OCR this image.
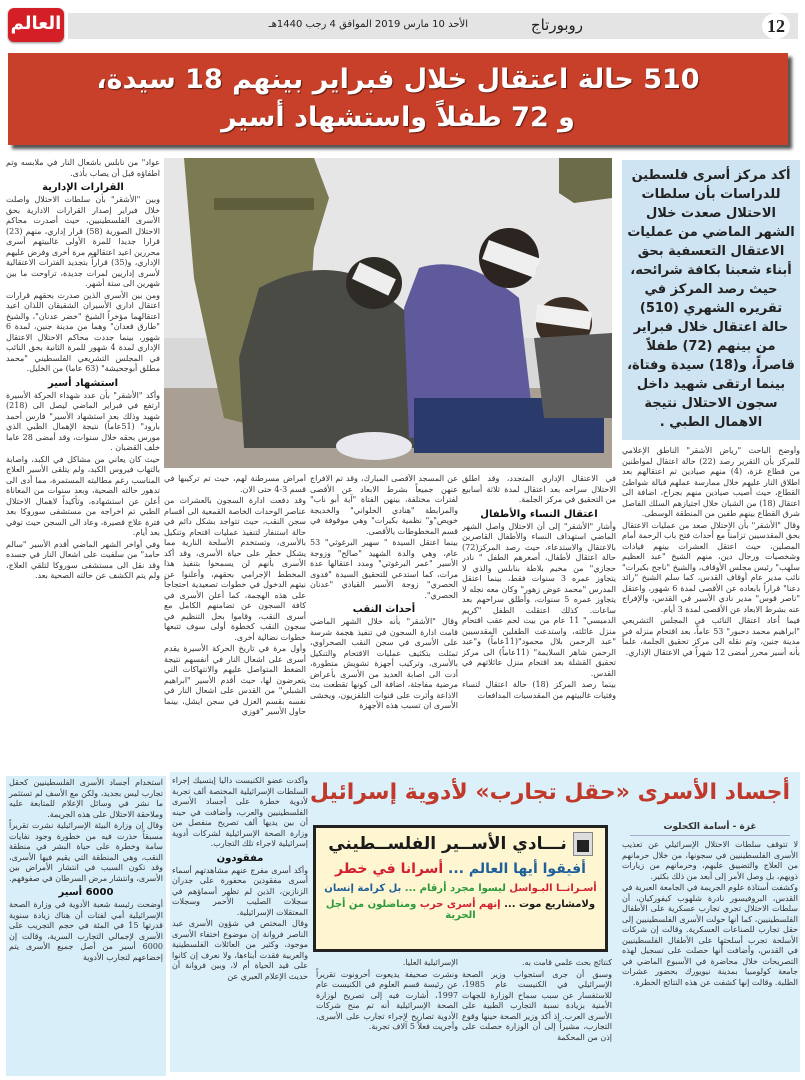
العالم	12
روبورتاج
الأحد 10 مارس 2019 الموافق 4 رجب 1440هـ
510 حالة اعتقال خلال فبراير بينهم 18 سيدة،
و 72 طفلاً واستشهاد أسير
أكد مركز أسرى فلسطين للدراسات بأن سلطات الاحتلال صعدت خلال الشهر الماضي من عمليات الاعتقال التعسفية بحق أبناء شعبنا بكافة شرائحه، حيث رصد المركز في تقريره الشهري (510) حالة اعتقال خلال فبراير من بينهم (72) طفلاً قاصراً، و(18) سيدة وفتاة، بينما ارتقى شهيد داخل سجون الاحتلال نتيجة الاهمال الطبي .

وأوضح الباحث "رياض الأشقر" الناطق الإعلامي للمركز بأن التقرير رصد (22) حالة اعتقال لمواطنين من قطاع غزة، (4) منهم صيادين تم اعتقالهم بعد اطلاق النار عليهم خلال ممارسة عملهم قبالة شواطئ القطاع، حيث أصيب صيادين منهم بجراح، اضافة الى اعتقال (18) من الشبان خلال اجتيازهم السلك الفاصل شرق القطاع بينهم طفين من المنطقة الوسطى.

وقال "الأشقر" بأن الاحتلال صعد من عمليات الاعتقال بحق المقدسيين تزامناً مع أحداث فتح باب الرحمة أمام المصلين، حيث اعتقل العشرات بينهم قيادات وشخصيات ورجال دين، منهم الشيخ "عبد العظيم سلهب" رئيس مجلس الأوقاف، والشيخ "ناجح بكيرات" نائب مدير عام أوقاف القدس، كما سلم الشيخ "رائد دعنا" قراراً بابعاده عن الأقصى لمدة 6 شهور، واعتقل "ناصر قوس" مدير نادي الأسير في القدس، والإفراج عنه بشرط الابعاد عن الأقصى لمدة 3 أيام.

فيما أعاد اعتقال النائب في المجلس التشريعي "ابراهيم محمد دحبور" 53 عاماً، بعد اقتحام منزله في مدينة جنين، وتم نقله الى مركز تحقيق الجلمة، علماً بأنه أسير محرر أمضى 12 شهراً في الاعتقال الإداري.

في الاعتقال الإداري المتجدد، وقد اطلق الاحتلال سراحه بعد اعتقال لمدة ثلاثة أسابيع من التحقيق في مركز الجلمة.

اعتقال النساء والأطفال

وأشار "الأشقر" إلى أن الاحتلال واصل الشهر الماضي استهداف النساء والأطفال القاصرين بالاعتقال والاستدعاء، حيث رصد المركز(72) حالة اعتقال لأطفال، أصغرهم الطفل " نادر حجازي" من مخيم بلاطة بنابلس والذي لا يتجاوز عمره 3 سنوات فقط، بينما اعتقل المدرس "محمد عوض زهور" وكان معه نجله لا يتجاوز عمره 5 سنوات، وأطلق سراحهم بعد ساعات. كذلك اعتقلت الطفل "كريم الدميسي" 11 عام من بيت لحم عقب اقتحام منزل عائلته، واستدعت الطفلين المقدسيين "عبد الرحمن بلال محمود"(11عاماً) و"عبد الرحمن شاهر السلايمة" (11عاماً) الى مركز تحقيق القشلة بعد اقتحام منزل عائلاتهم في القدس.

بينما رصد المركز (18) حالة اعتقال لنساء وفتيات غالبيتهم من المقدسيات المدافعات

عن المسجد الأقصى المبارك، وقد تم الافراج عنهن جميعاً بشرط الابعاد عن الأقصى لفترات مختلفة، بينهن الفتاة "آية أبو ناب" والمرابطة "هنادي الحلواني" والخديجة خويص"و" نظمية بكيرات" وهي موقوفة في قسم المخطوطات بالأقصى.

بينما اعتقل السيدة " سهير البرغوثي" 53 عام، وهي والدة الشهيد "صالح" وزوجة الأسير "عمر البرغوتي" ومدد اعتقالها عدة مرات، كما استدعي للتحقيق السيدة "فدوى الحصري" زوجة الأسير القيادي "عدنان الحصري".

أحداث النقب

وقال "الأشقر" بأنه خلال الشهر الماضي قامت ادارة السجون في تنفيذ هجمة شرسة على الأسرى في سجن النقب الصحراوي، تمثلت بتكثيف عمليات الاقتحام والتنكيل بالأسرى، وتركيب أجهزة تشويش متطورة، أدت الى اصابة العديد من الأسرى بأعراض مرضية مفاجئة، اضافة الى كونها تقطعت بث الاذاعة وأثرت على قنوات التلفزيون، ويخشى الأسرى ان تسبب هذه الأجهزة

أمراض مسرطنة لهم، حيث تم تركيبها في قسم 3-4 حتى الان.

وقد دفعت ادارة السجون بالعشرات من عناصر الوحدات الخاصة القمعية الى أقسام سجن النقب، حيث تتواجد بشكل دائم في حالة استنفار لتنفيذ عمليات اقتحام وتنكيل بالأسرى، وتستخدم الأسلحة النارية مما يشكل خطر على حياة الأسرى، وقد أكد الأسرى بأنهم لن يسمحوا بتنفيذ هذا المخطط الإجرامي بحقهم، وأعلنوا عن نيتهم الدخول في خطوات تصعيدية احتجاجاً على هذه الهجمة، كما أعلن الأسرى في كافة السجون عن تضامنهم الكامل مع أسرى النقب، وقاموا بحل التنظيم في سجون النقب كخطوة أولى سوف تتبعها خطوات نضالية أخرى.

وأول مرة في تاريخ الحركة الأسيرة يقدم أسرى على اشعال النار في أنفسهم نتيجة الضغط المتواصل عليهم والانتهاكات التي يتعرضون لها، حيث أقدم الأسير "ابراهيم الشبلي" من القدس على اشعال النار في نفسه بقسم العزل في سجن ايشل، بينما حاول الأسير "فوزي

عواد" من نابلس باشعال النار في ملابسه وتم اطفاؤه قبل أن يصاب بأذى.

القرارات الإدارية

وبين "الأشقر" بأن سلطات الاحتلال واصلت خلال فبراير إصدار القرارات الادارية بحق الأسرى الفلسطينيين، حيث أصدرت محاكم الاحتلال الصورية (58) قرار إداري، منهم (23) قرارا جديدا للمرة الأولى غالبيتهم أسرى محررين اعيد اعتقالهم مرة أخرى وفرض عليهم الإداري، و(35) قراراً بتجديد الفترات الاعتقالية لأسرى إداريين لمرات جديدة، تراوحت ما بين شهرين الى ستة أشهر.

ومن بين الأسرى الذين صدرت بحقهم قرارات اعتقال اداري الأسيران الشقيقان اللذان اعيد اعتقالهما مؤخراً الشيخ "خضر عدنان"، والشيخ "طارق قعدان" وهما من مدينة جنين، لمدة 6 شهور، بينما جددت محاكم الاحتلال الاعتقال الإداري لمدة 4 شهور للمرة الثانية بحق النائب في المجلس التشريعي الفلسطيني "محمد مطلق أبوجحيشة" (63 عاما) من الخليل.

استشهاد أسير

وأكد "الأشقر" بأن عدد شهداء الحركة الأسيرة ارتفع في فبراير الماضي ليصل الى (218) شهيد وذلك بعد استشهاد الأسير" فارس أحمد بارود" (51عاماً) نتيجة الإهمال الطبي الذي مورس بحقه خلال سنوات، وقد أمضى 28 عاما خلف القضبان .

حيث كان يعاني من مشاكل في الكبد، واصابة بالتهاب فيروس الكبد، ولم يتلقى الأسير العلاج المناسب رغم مطالبته المستمرة، مما أدى الى تدهور حالته الصحية، وبعد سنوات من المعاناة أعلن عن استشهاده، وتأكيداً لاهمال الاحتلال الطبي تم اخراجه من مستشفى سوروكا بعد فترة علاج قصيرة، وعاد الى السجن حيث توفي بعد أيام.

وفي أواخر الشهر الماضي أقدم الأسير "سالم حامد" من سلفيت على اشعال النار في جسده وقد نقل الى مستشفى سوروكا لتلقي العلاج، ولم يتم الكشف عن حالته الصحية بعد.

أجساد الأسرى «حقل تجارب» لأدوية إسرائيل
غزة - أسامة الكحلوت

لا تتوقف سلطات الاحتلال الإسرائيلي عن تعذيب الأسرى الفلسطينيين في سجونها، من خلال حرمانهم من العلاج والتضييق عليهم، وحرمانهم من زيارات ذويهم، بل وصل الأمر إلى أبعد من ذلك بكثير.

وكشفت أستاذة علوم الجريمة في الجامعة العبرية في القدس، البروفيسور نادرة شلهوب كيفوركيان، أن سلطات الاحتلال تجري تجارب عسكرية على الأطفال الفلسطينيين، كما أنها حولت الأسرى الفلسطينيين إلى حقل تجارب للصناعات العسكرية. وقالت إن شركات الأسلحة تجرب أسلحتها على الأطفال الفلسطينيين في القدس، وأضافت أنها حصلت على تسجيل لهذه التصريحات خلال محاضرة في الأسبوع الماضي في جامعة كولومبيا بمدينة نيويورك بحضور عشرات الطلبة. وقالت إنها كشفت عن هذه النتائج الخطرة.

نـــادي الأســير الفلســطيني
أفيقوا أيها العالم ... أسرانا في خطر
أسـرانــا البـواسل ليسوا مجرد أرقام ... بل كرامة إنسان
ولامشاريع موت ... إنهم أسرى حرب ومناضلون من أجل الحرية

كنتائج بحث علمي قامت به.

وسبق أن جرى استجواب وزير الصحة الإسرائيلي في الكنيست عام 1985، للاستفسار عن سبب سماح الوزارة للجهات الأمنية بزيادة نسبة التجارب الطبية على الأسرى العرب. إذ أكد وزير الصحة حينها وقوع التجارب، مشيراً إلى أن الوزارة حصلت على إذن من المحكمة

الإسرائيلية العليا.

ونشرت صحيفة يديعوت أحرونوت تقريراً عن رئيسة قسم العلوم في الكنيست عام 1997، أشارت فيه إلى تصريح لوزارة الصحة الإسرائيلية أنه تم منح شركات الأدوية تصاريح لإجراء تجارب على الأسرى، وأجريت فعلاً 5 آلاف تجربة.

وأكدت عضو الكنيست داليا إيتسيك إجراء السلطات الإسرائيلية المختصة ألف تجربة لأدوية خطرة على أجساد الأسرى الفلسطينيين والعرب، وأضافت في حينه أن بين يديها ألف تصريح منفصل من وزارة الصحة الإسرائيلية لشركات أدوية إسرائيلية لاجراء تلك التجارب.

مفقودون

وأكد أسرى مفرج عنهم مشاهدتهم أسماء أسرى مفقودين محفورة على جدران الزنازين، الذين لم تظهر أسماؤهم في سجلات الصليب الأحمر وسجلات المعتقلات الإسرائيلية.

وقال المختص في شؤون الأسرى عبد الناصر فروانة إن موضوع اختفاء الأسرى موجود، وكثير من العائلات الفلسطينية والعربية فقدت أبناءها، ولا نعرف إن كانوا على قيد الحياة أم لا، وبين فروانة أن حديث الإعلام العبري عن

استخدام أجساد الأسرى الفلسطينيين كحقل تجارب ليس بجديد، ولكن مع الأسف لم تستثمر ما نشر في وسائل الإعلام للمتابعة عليه وملاحقة الاحتلال على هذه الجريمة.

وقال إن وزارة البيئة الإسرائيلية نشرت تقريراً مسبقاً حذرت فيه من خطورة وجود نفايات سامة وخطرة على حياة البشر في منطقة النقب، وهي المنطقة التي يقيم فيها الأسرى، وقد تكون السبب في انتشار الأمراض بين الأسرى، وانتشار مرض السرطان في صفوفهم.

6000 أسير

أوضحت رئيسة شعبة الأدوية في وزارة الصحة الإسرائيلية أمي لفتات أن هناك زيادة سنوية قدرتها 15 في المئة في حجم التجريب على الأسرى لإجمالي التجارب السرية، وقالت إن 6000 أسير من أصل جميع الأسرى يتم إخضاعهم لتجارب الأدوية
